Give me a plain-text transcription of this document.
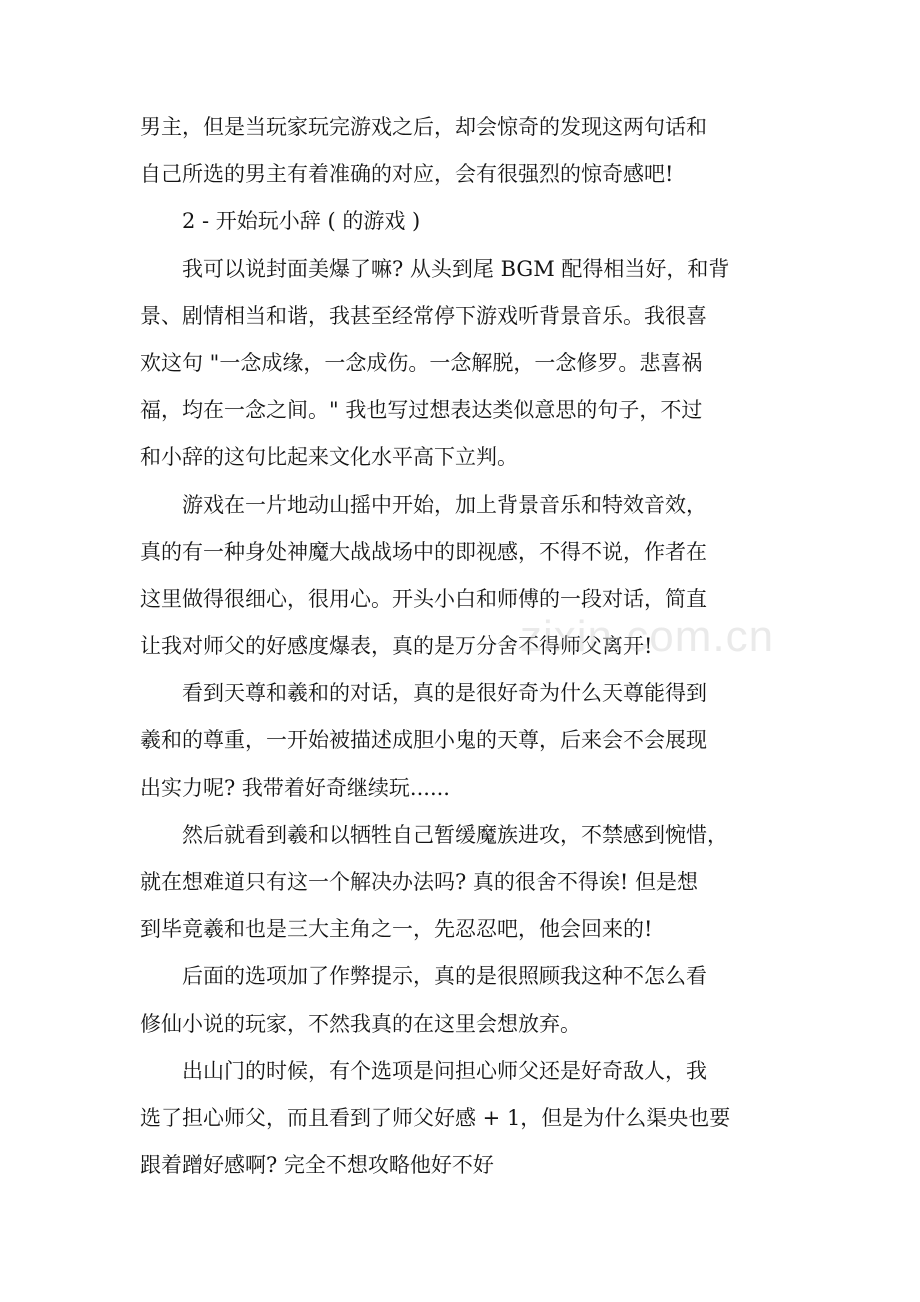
男主，但是当玩家玩完游戏之后，却会惊奇的发现这两句话和
自己所选的男主有着准确的对应，会有很强烈的惊奇感吧!
　　2 - 开始玩小辞 ( 的游戏 )
　　我可以说封面美爆了嘛? 从头到尾 BGM 配得相当好，和背
景、剧情相当和谐，我甚至经常停下游戏听背景音乐。我很喜
欢这句 "一念成缘，一念成伤。一念解脱，一念修罗。悲喜祸
福，均在一念之间。" 我也写过想表达类似意思的句子，不过
和小辞的这句比起来文化水平高下立判。
　　游戏在一片地动山摇中开始，加上背景音乐和特效音效，
真的有一种身处神魔大战战场中的即视感，不得不说，作者在
这里做得很细心，很用心。开头小白和师傅的一段对话，简直
让我对师父的好感度爆表，真的是万分舍不得师父离开!
　　看到天尊和羲和的对话，真的是很好奇为什么天尊能得到
羲和的尊重，一开始被描述成胆小鬼的天尊，后来会不会展现
出实力呢? 我带着好奇继续玩......
　　然后就看到羲和以牺牲自己暂缓魔族进攻，不禁感到惋惜，
就在想难道只有这一个解决办法吗? 真的很舍不得诶! 但是想
到毕竟羲和也是三大主角之一，先忍忍吧，他会回来的!
　　后面的选项加了作弊提示，真的是很照顾我这种不怎么看
修仙小说的玩家，不然我真的在这里会想放弃。
　　出山门的时候，有个选项是问担心师父还是好奇敌人，我
选了担心师父，而且看到了师父好感 + 1，但是为什么渠央也要
跟着蹭好感啊? 完全不想攻略他好不好
zixin.com.cn
